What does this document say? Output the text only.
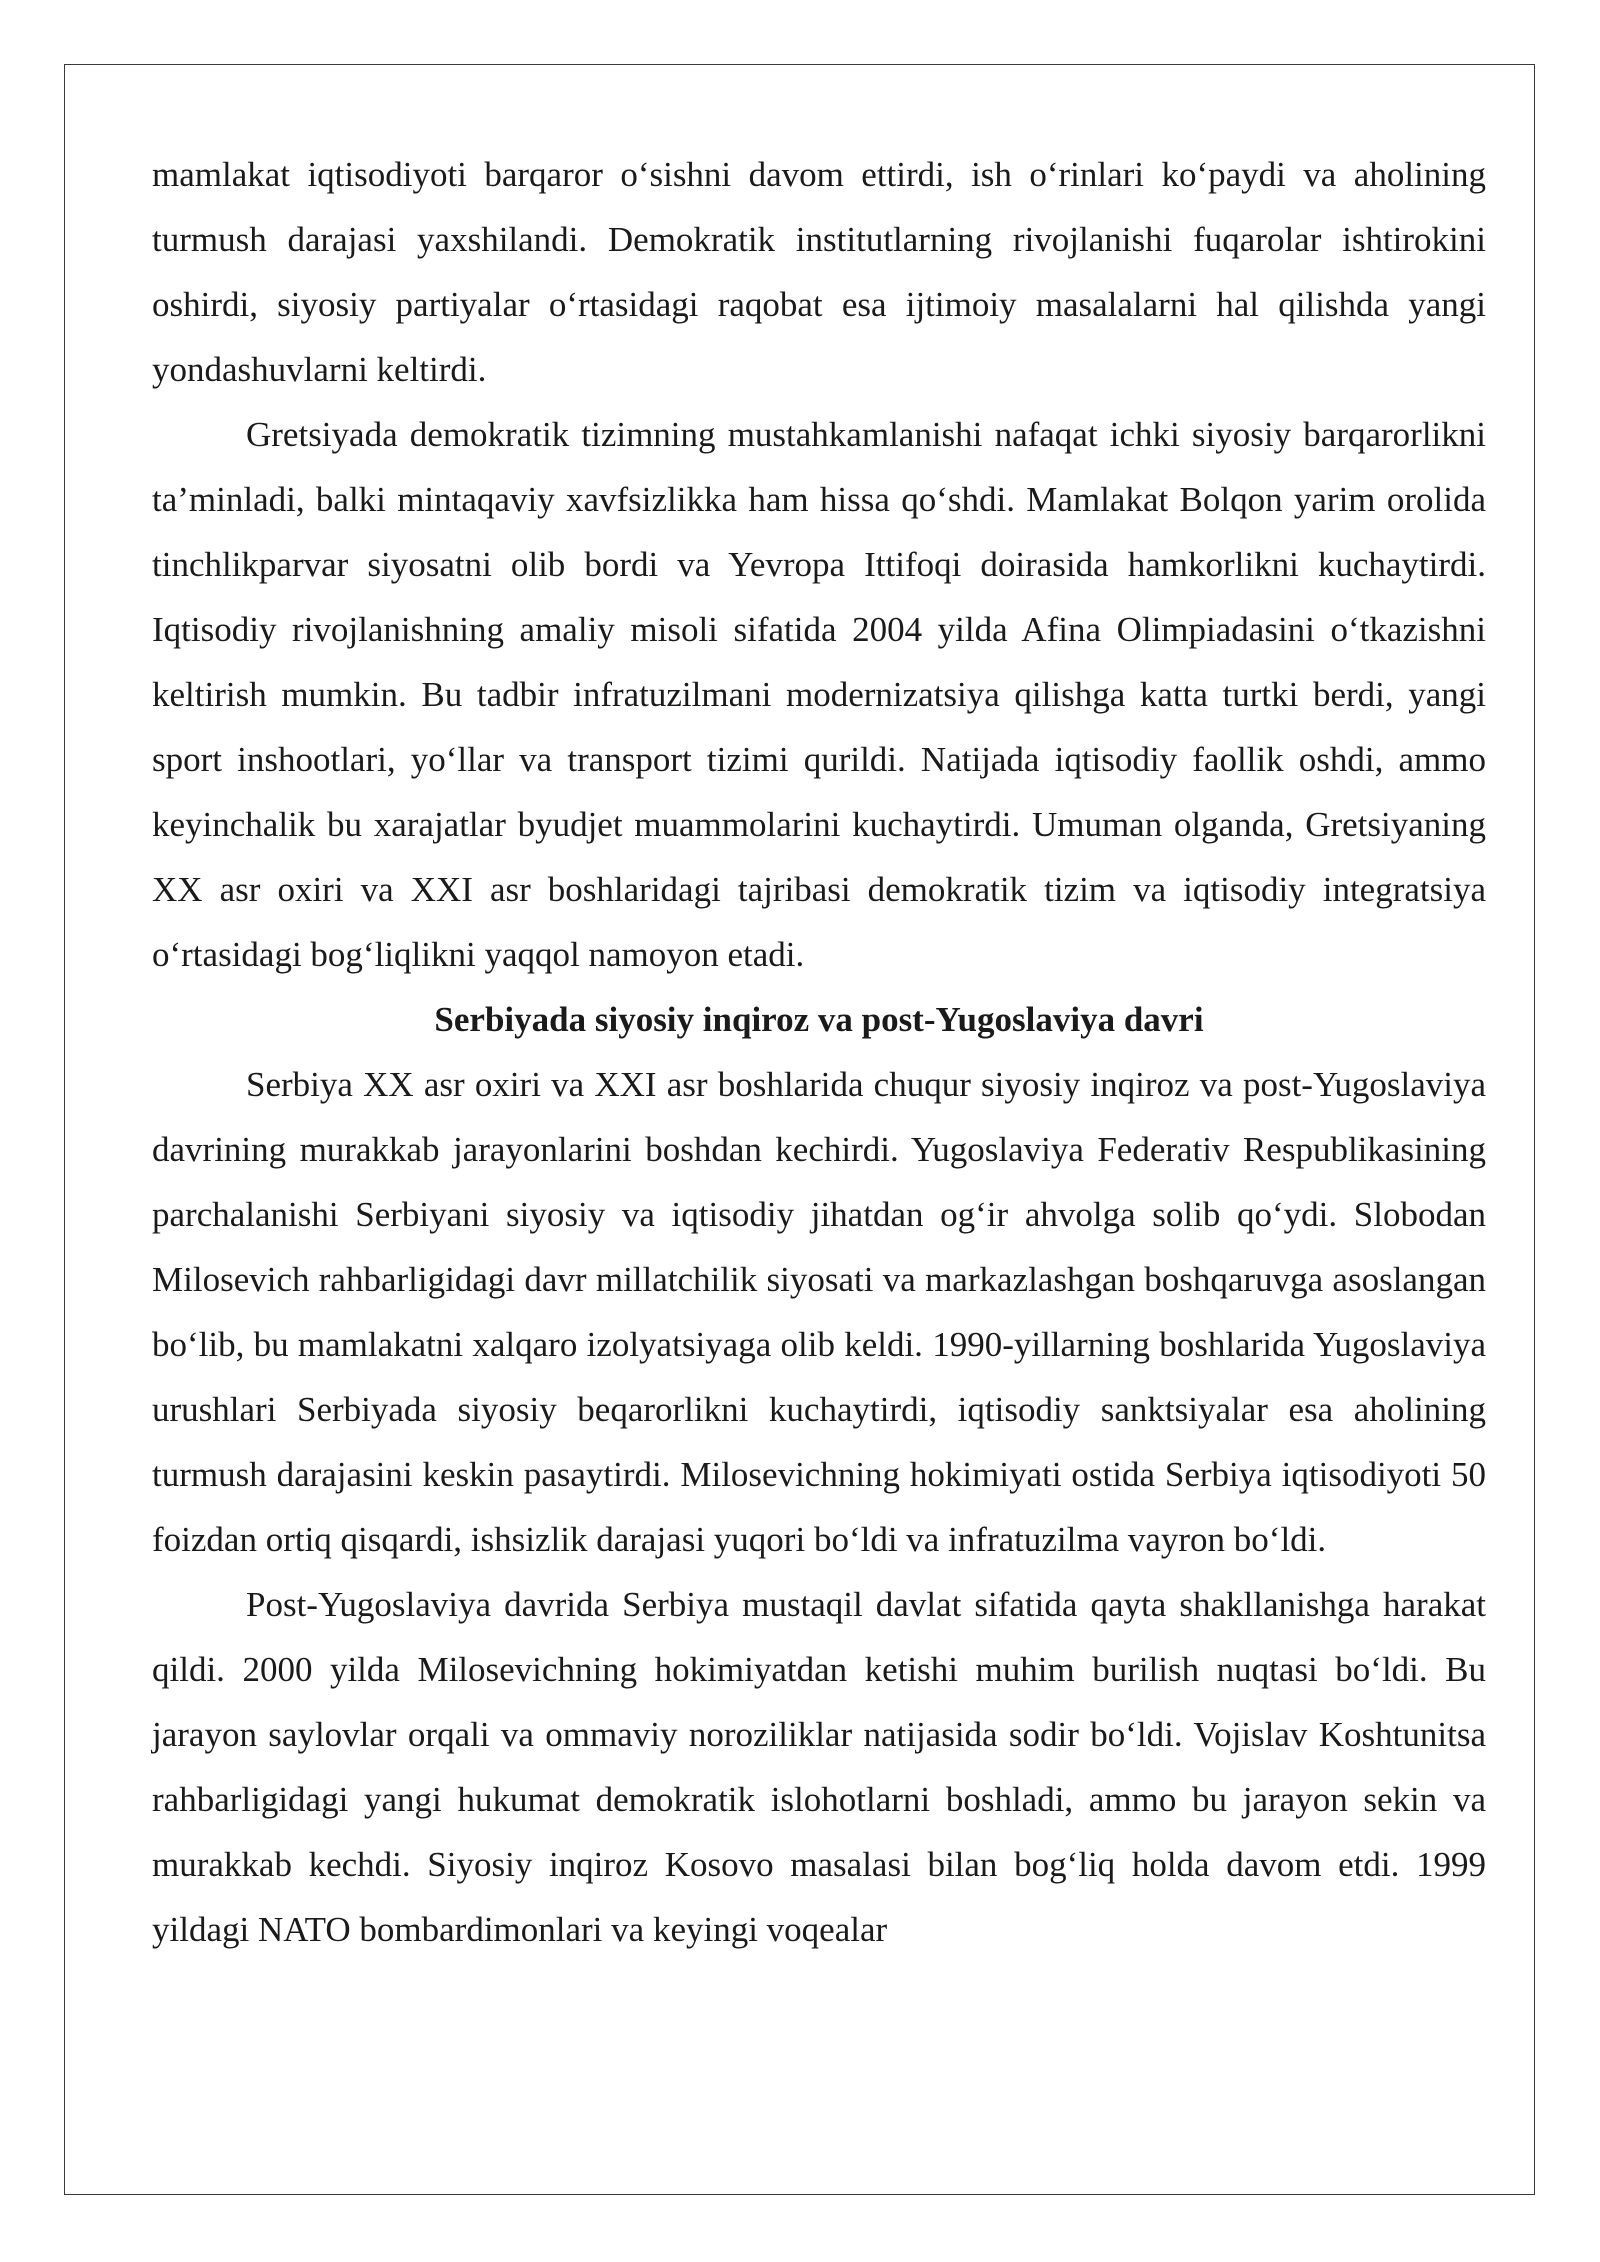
mamlakat iqtisodiyoti barqaror o‘sishni davom ettirdi, ish o‘rinlari ko‘paydi va aholining turmush darajasi yaxshilandi. Demokratik institutlarning rivojlanishi fuqarolar ishtirokini oshirdi, siyosiy partiyalar o‘rtasidagi raqobat esa ijtimoiy masalalarni hal qilishda yangi yondashuvlarni keltirdi.

Gretsiyada demokratik tizimning mustahkamlanishi nafaqat ichki siyosiy barqarorlikni ta’minladi, balki mintaqaviy xavfsizlikka ham hissa qo‘shdi. Mamlakat Bolqon yarim orolida tinchlikparvar siyosatni olib bordi va Yevropa Ittifoqi doirasida hamkorlikni kuchaytirdi. Iqtisodiy rivojlanishning amaliy misoli sifatida 2004 yilda Afina Olimpiadasini o‘tkazishni keltirish mumkin. Bu tadbir infratuzilmani modernizatsiya qilishga katta turtki berdi, yangi sport inshootlari, yo‘llar va transport tizimi qurildi. Natijada iqtisodiy faollik oshdi, ammo keyinchalik bu xarajatlar byudjet muammolarini kuchaytirdi. Umuman olganda, Gretsiyaning XX asr oxiri va XXI asr boshlaridagi tajribasi demokratik tizim va iqtisodiy integratsiya o‘rtasidagi bog‘liqlikni yaqqol namoyon etadi.

Serbiyada siyosiy inqiroz va post-Yugoslaviya davri

Serbiya XX asr oxiri va XXI asr boshlarida chuqur siyosiy inqiroz va post-Yugoslaviya davrining murakkab jarayonlarini boshdan kechirdi. Yugoslaviya Federativ Respublikasining parchalanishi Serbiyani siyosiy va iqtisodiy jihatdan og‘ir ahvolga solib qo‘ydi. Slobodan Milosevich rahbarligidagi davr millatchilik siyosati va markazlashgan boshqaruvga asoslangan bo‘lib, bu mamlakatni xalqaro izolyatsiyaga olib keldi. 1990-yillarning boshlarida Yugoslaviya urushlari Serbiyada siyosiy beqarorlikni kuchaytirdi, iqtisodiy sanktsiyalar esa aholining turmush darajasini keskin pasaytirdi. Milosevichning hokimiyati ostida Serbiya iqtisodiyoti 50 foizdan ortiq qisqardi, ishsizlik darajasi yuqori bo‘ldi va infratuzilma vayron bo‘ldi.

Post-Yugoslaviya davrida Serbiya mustaqil davlat sifatida qayta shakllanishga harakat qildi. 2000 yilda Milosevichning hokimiyatdan ketishi muhim burilish nuqtasi bo‘ldi. Bu jarayon saylovlar orqali va ommaviy noroziliklar natijasida sodir bo‘ldi. Vojislav Koshtunitsa rahbarligidagi yangi hukumat demokratik islohotlarni boshladi, ammo bu jarayon sekin va murakkab kechdi. Siyosiy inqiroz Kosovo masalasi bilan bog‘liq holda davom etdi. 1999 yildagi NATO bombardimonlari va keyingi voqealar
